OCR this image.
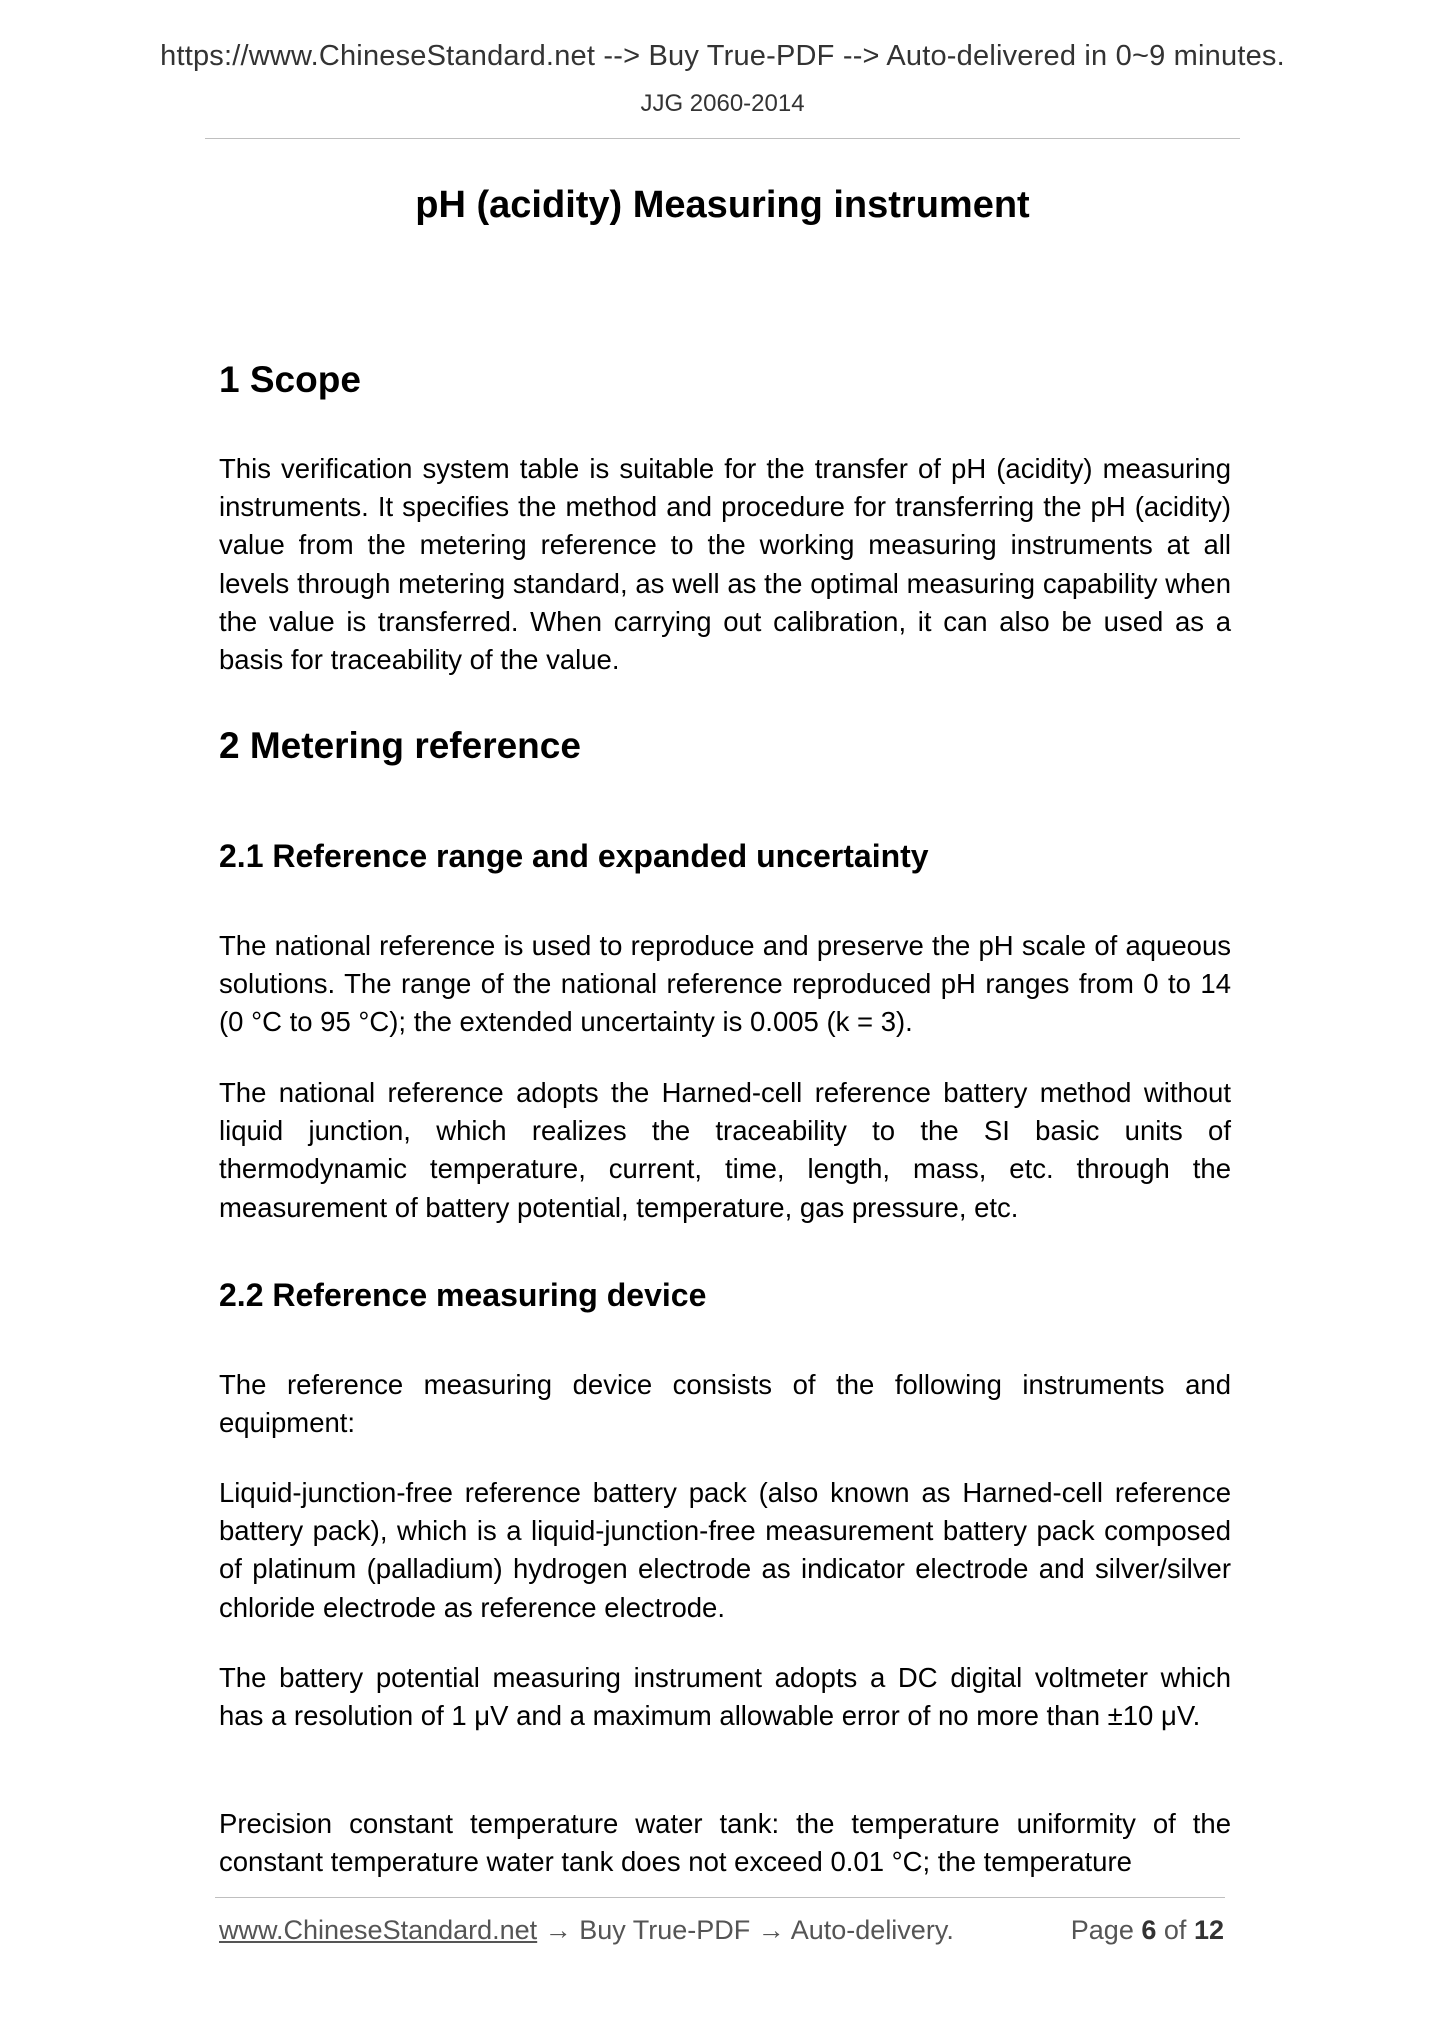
https://www.ChineseStandard.net --> Buy True-PDF --> Auto-delivered in 0~9 minutes.
JJG 2060-2014
pH (acidity) Measuring instrument
1 Scope

This verification system table is suitable for the transfer of pH (acidity) measuring instruments. It specifies the method and procedure for transferring the pH (acidity) value from the metering reference to the working measuring instruments at all levels through metering standard, as well as the optimal measuring capability when the value is transferred. When carrying out calibration, it can also be used as a basis for traceability of the value.

2 Metering reference
2.1 Reference range and expanded uncertainty

The national reference is used to reproduce and preserve the pH scale of aqueous solutions. The range of the national reference reproduced pH ranges from 0 to 14 (0 °C to 95 °C); the extended uncertainty is 0.005 (k = 3).

The national reference adopts the Harned-cell reference battery method without liquid junction, which realizes the traceability to the SI basic units of thermodynamic temperature, current, time, length, mass, etc. through the measurement of battery potential, temperature, gas pressure, etc.

2.2 Reference measuring device

The reference measuring device consists of the following instruments and equipment:

Liquid-junction-free reference battery pack (also known as Harned-cell reference battery pack), which is a liquid-junction-free measurement battery pack composed of platinum (palladium) hydrogen electrode as indicator electrode and silver/silver chloride electrode as reference electrode.

The battery potential measuring instrument adopts a DC digital voltmeter which has a resolution of 1 μV and a maximum allowable error of no more than ±10 μV.

Precision constant temperature water tank: the temperature uniformity of the constant temperature water tank does not exceed 0.01 °C; the temperature

www.ChineseStandard.net → Buy True-PDF → Auto-delivery.	Page 6 of 12
